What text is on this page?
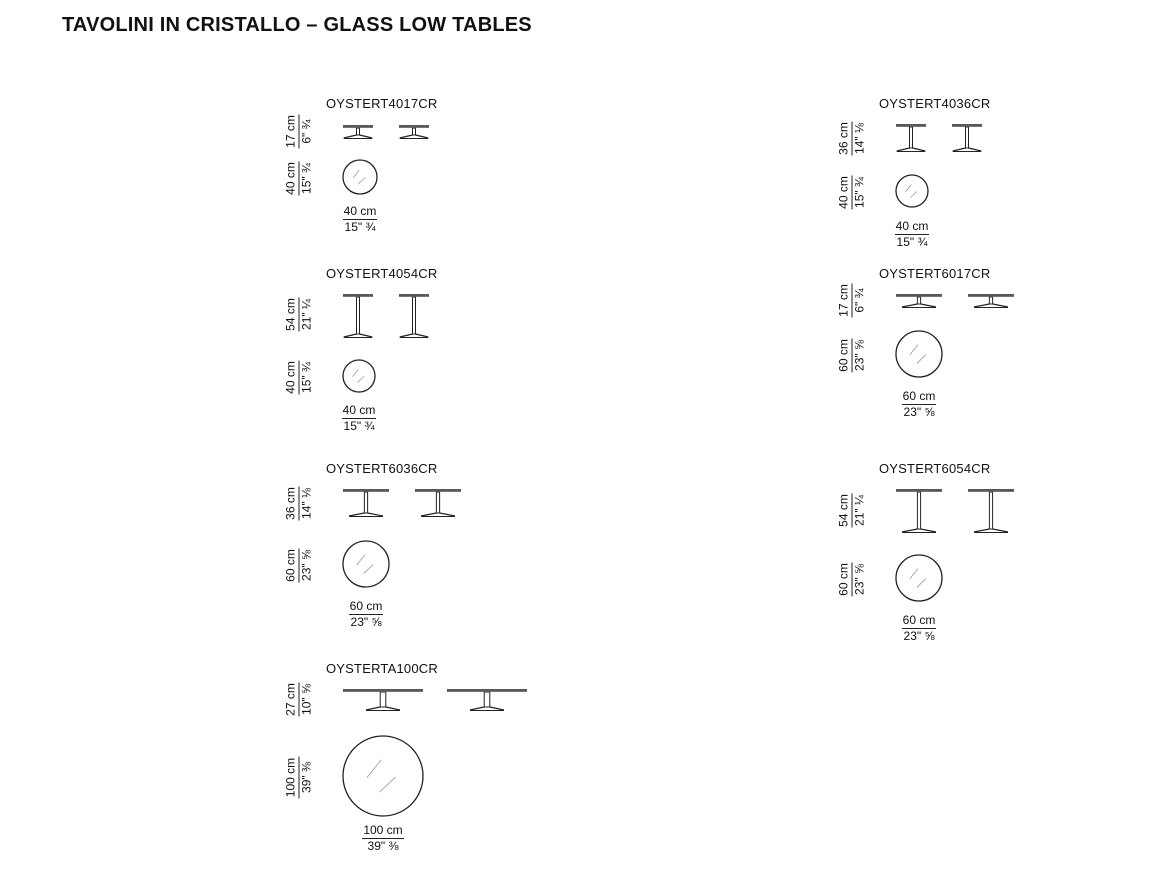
TAVOLINI IN CRISTALLO – GLASS LOW TABLES
OYSTERT4017CR
40 cm
15" ¾
17 cm 6" ¾
40 cm 15" ¾
OYSTERT4036CR
40 cm
15" ¾
36 cm 14" ⅛
40 cm 15" ¾
OYSTERT4054CR
40 cm
15" ¾
54 cm 21" ¼
40 cm 15" ¾
OYSTERT6017CR
60 cm
23" ⅝
17 cm 6" ¾
60 cm 23" ⅝
OYSTERT6036CR
60 cm
23" ⅝
36 cm 14" ⅛
60 cm 23" ⅝
OYSTERT6054CR
60 cm
23" ⅝
54 cm 21" ¼
60 cm 23" ⅝
OYSTERTA100CR
100 cm
39" ⅜
27 cm 10" ⅝
100 cm 39" ⅜
